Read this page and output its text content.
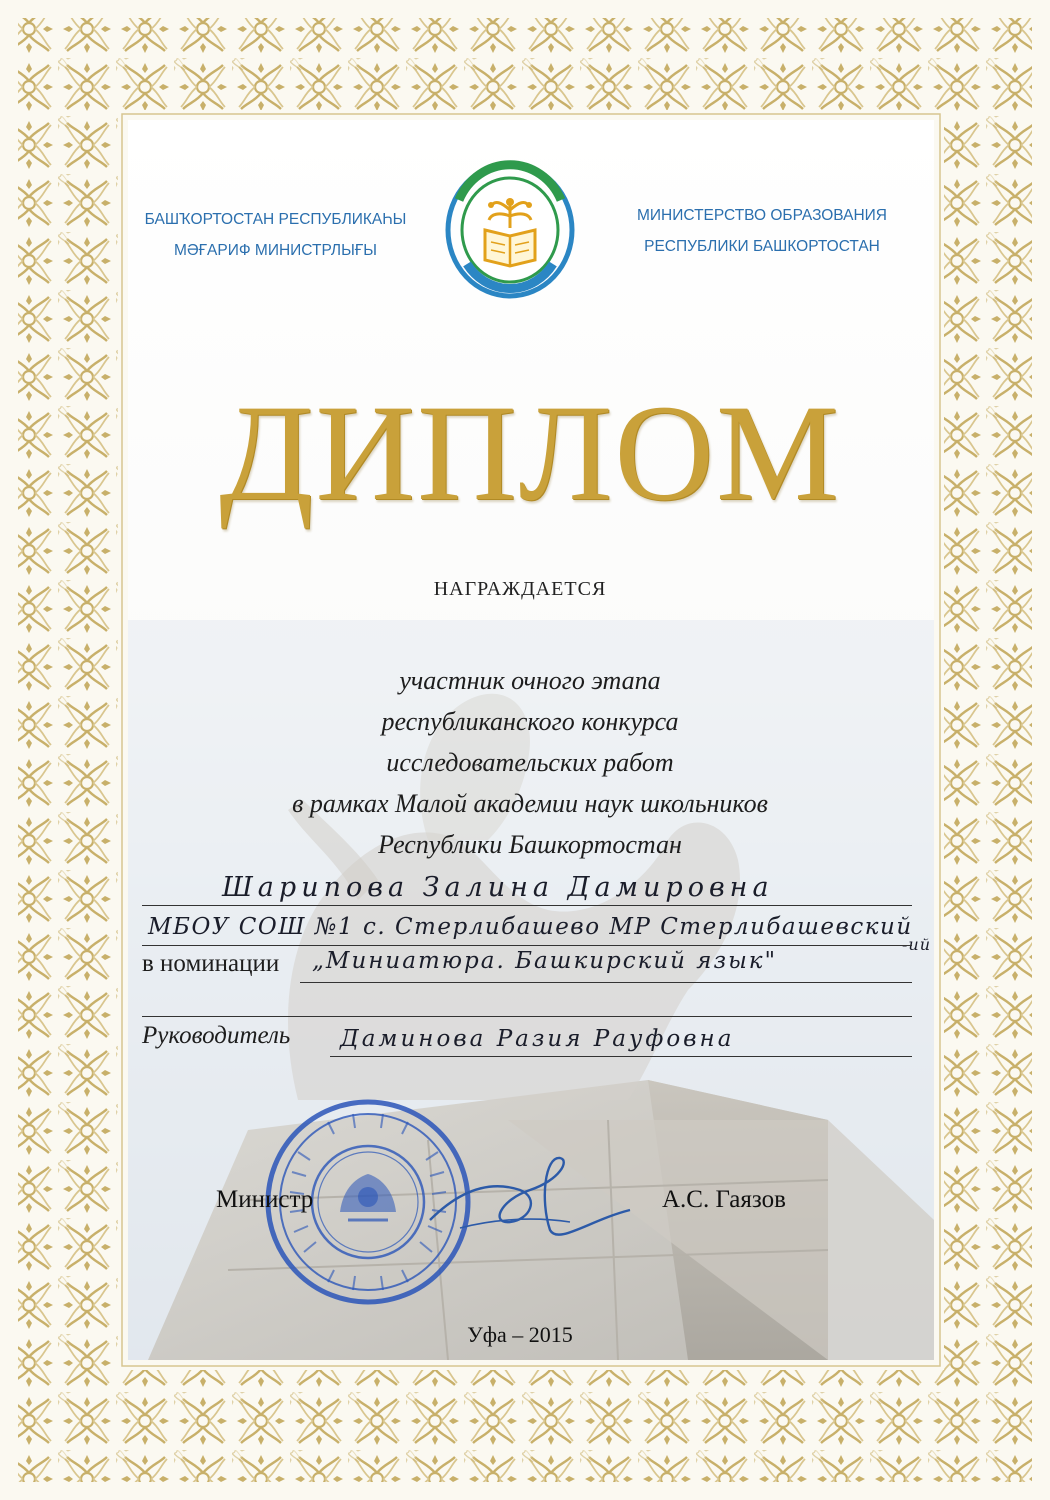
БАШҠОРТОСТАН РЕСПУБЛИКАҺЫ
МӘҒАРИФ МИНИСТРЛЫҒЫ
МИНИСТЕРСТВО ОБРАЗОВАНИЯ
РЕСПУБЛИКИ БАШКОРТОСТАН
ДИПЛОМ
НАГРАЖДАЕТСЯ
участник очного этапа
республиканского конкурса
исследовательских работ
в рамках Малой академии наук школьников
Республики Башкортостан
Шарипова Залина Дамировна
МБОУ СОШ №1 с. Стерлибашево МР Стерлибашевский
-ий
в номинации „Миниатюра. Башкирский язык"
Руководитель Даминова Разия Рауфовна
Министр	А.С. Гаязов
Уфа – 2015
